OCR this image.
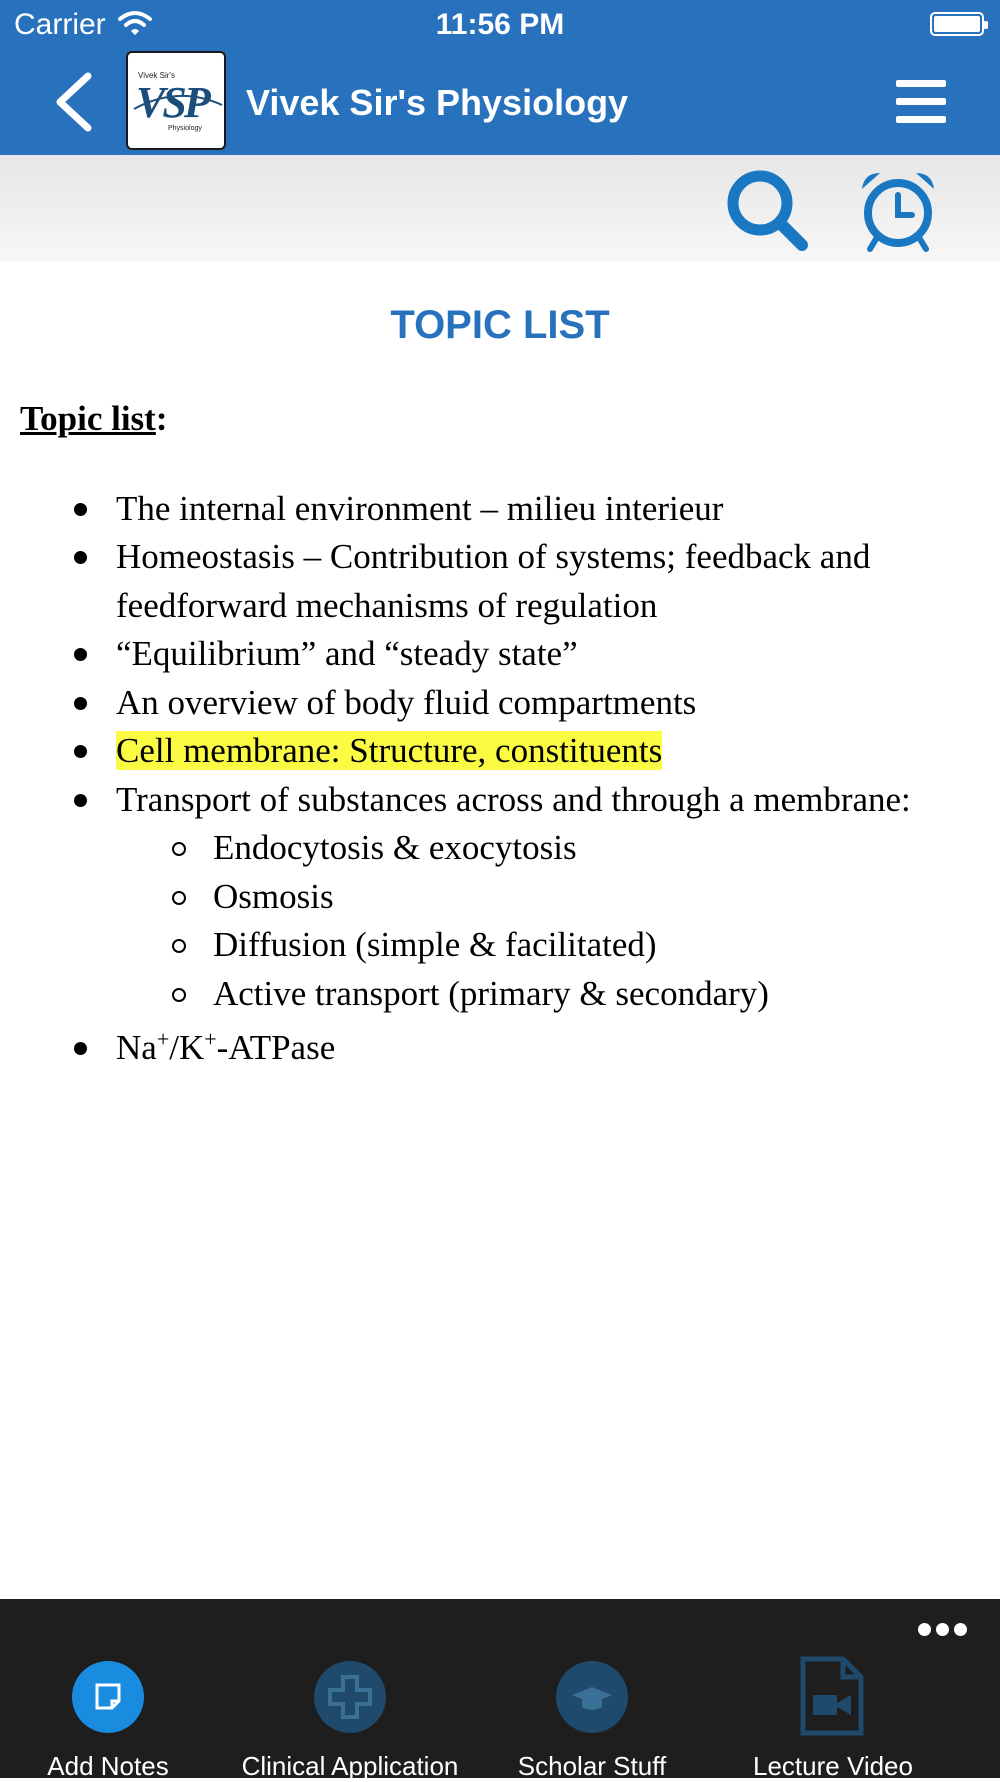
Carrier	11:56 PM
Vivek Sir's
VSP
Physiology
Vivek Sir's Physiology
TOPIC LIST
Topic list:
The internal environment – milieu interieur
Homeostasis – Contribution of systems; feedback and feedforward mechanisms of regulation
“Equilibrium” and “steady state”
An overview of body fluid compartments
Cell membrane: Structure, constituents
Transport of substances across and through a membrane:
Endocytosis & exocytosis
Osmosis
Diffusion (simple & facilitated)
Active transport (primary & secondary)
Na+/K+-ATPase
Add Notes	Clinical Application	Scholar Stuff	Lecture Video
